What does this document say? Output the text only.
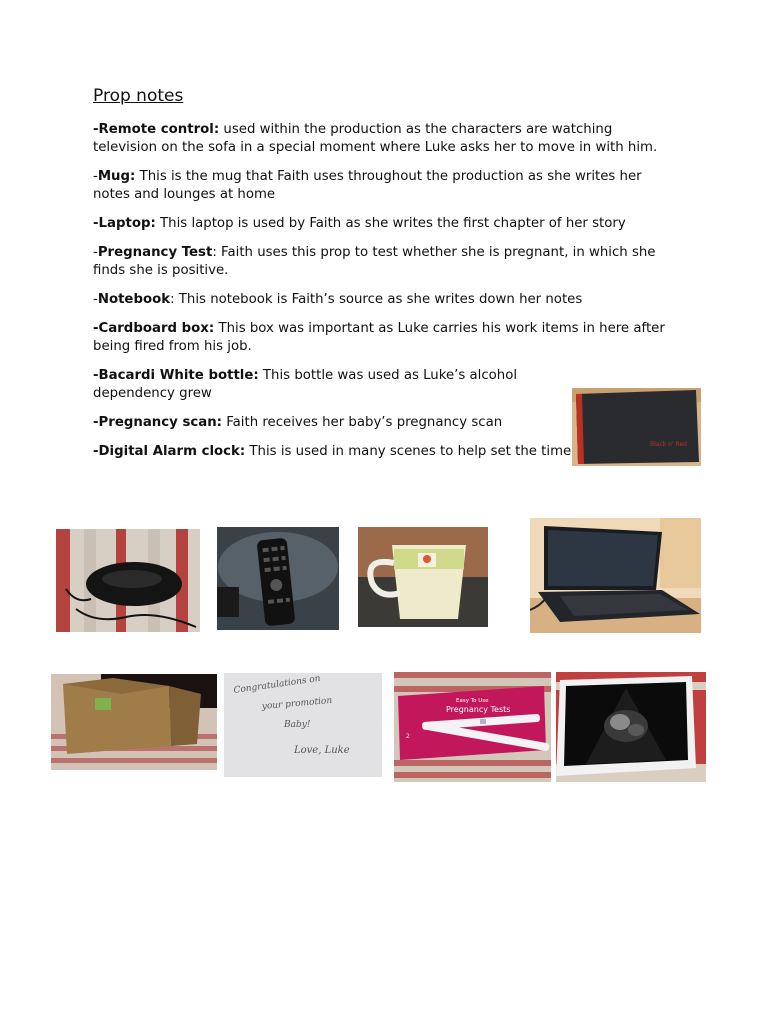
Prop notes

-Remote control: used within the production as the characters are watching television on the sofa in a special moment where Luke asks her to move in with him.

-Mug: This is the mug that Faith uses throughout the production as she writes her notes and lounges at home

-Laptop: This laptop is used by Faith as she writes the first chapter of her story

-Pregnancy Test: Faith uses this prop to test whether she is pregnant, in which she finds she is positive.

-Notebook: This notebook is Faith’s source as she writes down her notes

-Cardboard box: This box was important as Luke carries his work items in here after being fired from his job.

-Bacardi White bottle: This bottle was used as Luke’s alcohol dependency grew

-Pregnancy scan: Faith receives her baby’s pregnancy scan

-Digital Alarm clock: This is used in many scenes to help set the time	Black n' Red
Congratulations on
your promotion
Baby!
Love, Luke
Easy To Use
Pregnancy Tests
2
